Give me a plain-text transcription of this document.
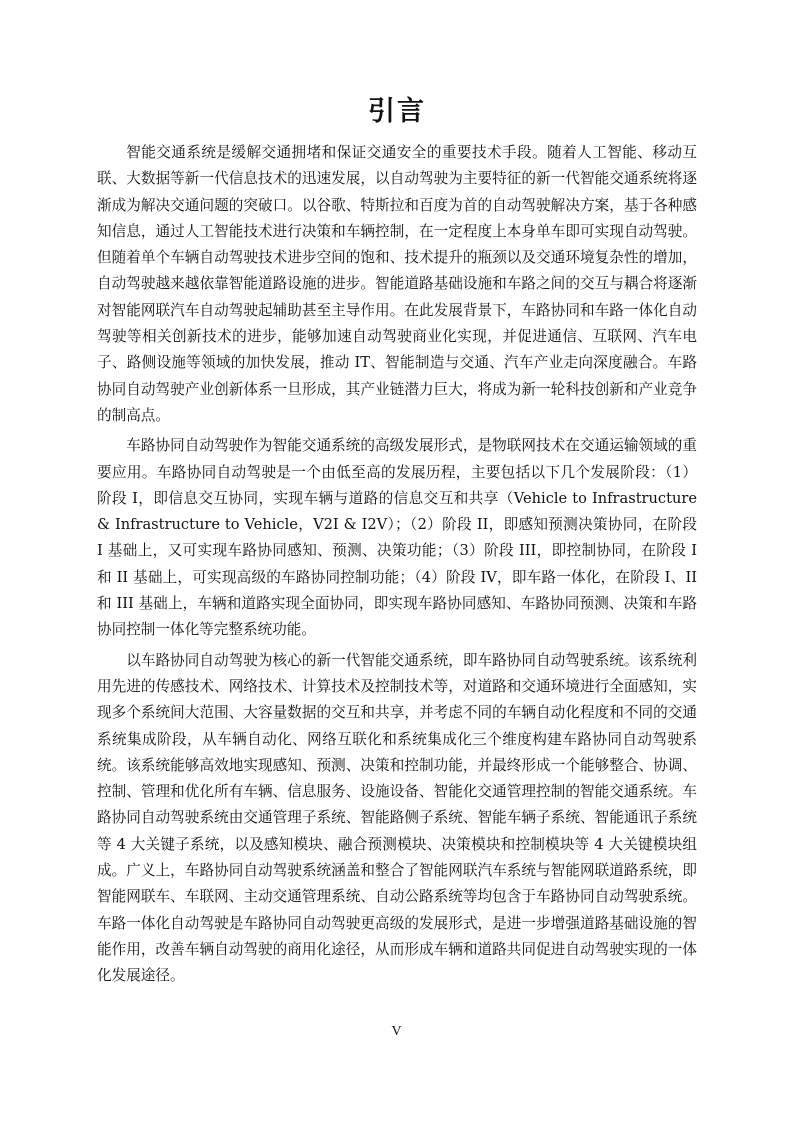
引言

智能交通系统是缓解交通拥堵和保证交通安全的重要技术手段。随着人工智能、移动互联、大数据等新一代信息技术的迅速发展，以自动驾驶为主要特征的新一代智能交通系统将逐渐成为解决交通问题的突破口。以谷歌、特斯拉和百度为首的自动驾驶解决方案，基于各种感知信息，通过人工智能技术进行决策和车辆控制，在一定程度上本身单车即可实现自动驾驶。但随着单个车辆自动驾驶技术进步空间的饱和、技术提升的瓶颈以及交通环境复杂性的增加，自动驾驶越来越依靠智能道路设施的进步。智能道路基础设施和车路之间的交互与耦合将逐渐对智能网联汽车自动驾驶起辅助甚至主导作用。在此发展背景下，车路协同和车路一体化自动驾驶等相关创新技术的进步，能够加速自动驾驶商业化实现，并促进通信、互联网、汽车电子、路侧设施等领域的加快发展，推动 IT、智能制造与交通、汽车产业走向深度融合。车路协同自动驾驶产业创新体系一旦形成，其产业链潜力巨大，将成为新一轮科技创新和产业竞争的制高点。

车路协同自动驾驶作为智能交通系统的高级发展形式，是物联网技术在交通运输领域的重要应用。车路协同自动驾驶是一个由低至高的发展历程，主要包括以下几个发展阶段：（1）阶段 I，即信息交互协同，实现车辆与道路的信息交互和共享（Vehicle to Infrastructure & Infrastructure to Vehicle，V2I & I2V）；（2）阶段 II，即感知预测决策协同，在阶段 I 基础上，又可实现车路协同感知、预测、决策功能；（3）阶段 III，即控制协同，在阶段 I 和 II 基础上，可实现高级的车路协同控制功能；（4）阶段 IV，即车路一体化，在阶段 I、II 和 III 基础上，车辆和道路实现全面协同，即实现车路协同感知、车路协同预测、决策和车路协同控制一体化等完整系统功能。

以车路协同自动驾驶为核心的新一代智能交通系统，即车路协同自动驾驶系统。该系统利用先进的传感技术、网络技术、计算技术及控制技术等，对道路和交通环境进行全面感知，实现多个系统间大范围、大容量数据的交互和共享，并考虑不同的车辆自动化程度和不同的交通系统集成阶段，从车辆自动化、网络互联化和系统集成化三个维度构建车路协同自动驾驶系统。该系统能够高效地实现感知、预测、决策和控制功能，并最终形成一个能够整合、协调、控制、管理和优化所有车辆、信息服务、设施设备、智能化交通管理控制的智能交通系统。车路协同自动驾驶系统由交通管理子系统、智能路侧子系统、智能车辆子系统、智能通讯子系统等 4 大关键子系统，以及感知模块、融合预测模块、决策模块和控制模块等 4 大关键模块组成。广义上，车路协同自动驾驶系统涵盖和整合了智能网联汽车系统与智能网联道路系统，即智能网联车、车联网、主动交通管理系统、自动公路系统等均包含于车路协同自动驾驶系统。车路一体化自动驾驶是车路协同自动驾驶更高级的发展形式，是进一步增强道路基础设施的智能作用，改善车辆自动驾驶的商用化途径，从而形成车辆和道路共同促进自动驾驶实现的一体化发展途径。

V
